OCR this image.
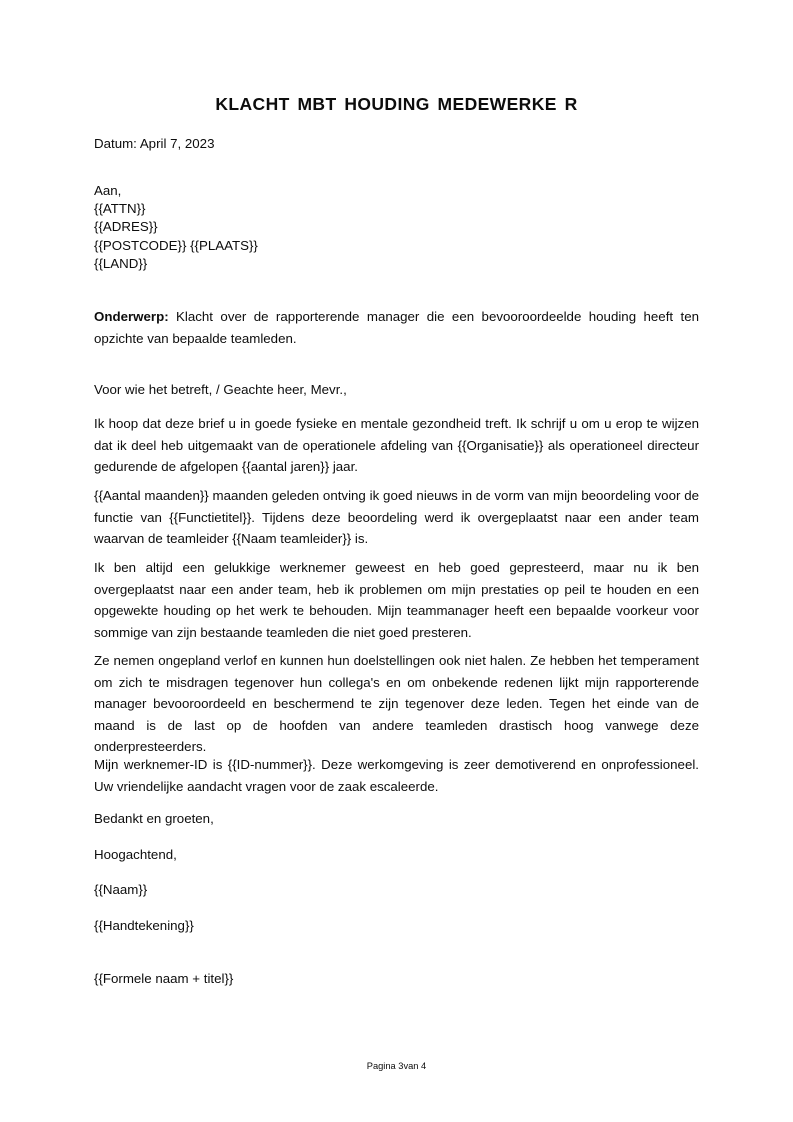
KLACHT MBT HOUDING MEDEWERKE R
Datum: April 7, 2023
Aan,
{{ATTN}}
{{ADRES}}
{{POSTCODE}} {{PLAATS}}
{{LAND}}
Onderwerp: Klacht over de rapporterende manager die een bevooroordeelde houding heeft ten opzichte van bepaalde teamleden.
Voor wie het betreft, / Geachte heer, Mevr.,
Ik hoop dat deze brief u in goede fysieke en mentale gezondheid treft. Ik schrijf u om u erop te wijzen dat ik deel heb uitgemaakt van de operationele afdeling van {{Organisatie}} als operationeel directeur gedurende de afgelopen {{aantal jaren}} jaar.
{{Aantal maanden}} maanden geleden ontving ik goed nieuws in de vorm van mijn beoordeling voor de functie van {{Functietitel}}. Tijdens deze beoordeling werd ik overgeplaatst naar een ander team waarvan de teamleider {{Naam teamleider}} is.
Ik ben altijd een gelukkige werknemer geweest en heb goed gepresteerd, maar nu ik ben overgeplaatst naar een ander team, heb ik problemen om mijn prestaties op peil te houden en een opgewekte houding op het werk te behouden. Mijn teammanager heeft een bepaalde voorkeur voor sommige van zijn bestaande teamleden die niet goed presteren.
Ze nemen ongepland verlof en kunnen hun doelstellingen ook niet halen. Ze hebben het temperament om zich te misdragen tegenover hun collega's en om onbekende redenen lijkt mijn rapporterende manager bevooroordeeld en beschermend te zijn tegenover deze leden. Tegen het einde van de maand is de last op de hoofden van andere teamleden drastisch hoog vanwege deze onderpresteerders.
Mijn werknemer-ID is {{ID-nummer}}. Deze werkomgeving is zeer demotiverend en onprofessioneel. Uw vriendelijke aandacht vragen voor de zaak escaleerde.
Bedankt en groeten,
Hoogachtend,
{{Naam}}
{{Handtekening}}
{{Formele naam + titel}}
Pagina 3van 4
